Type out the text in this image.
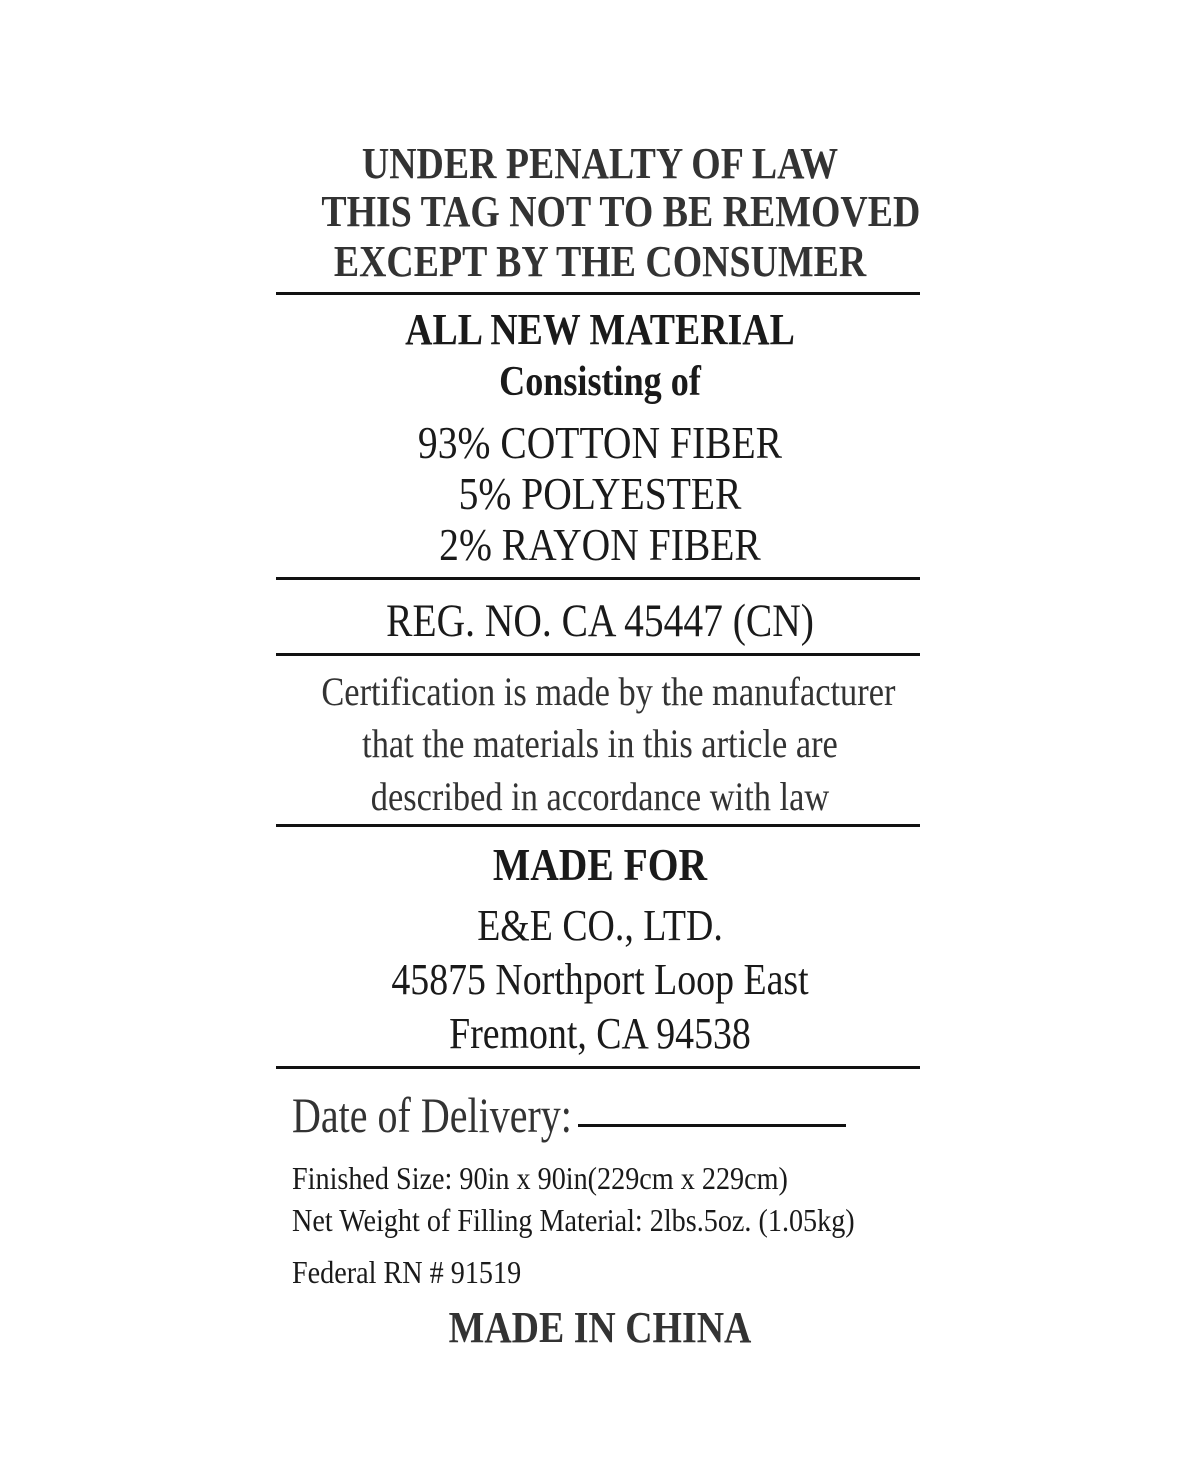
UNDER PENALTY OF LAW
THIS TAG NOT TO BE REMOVED
EXCEPT BY THE CONSUMER
ALL NEW MATERIAL
Consisting of
93% COTTON FIBER
5% POLYESTER
2% RAYON FIBER
REG. NO. CA 45447 (CN)
Certification is made by the manufacturer
that the materials in this article are
described in accordance with law
MADE FOR
E&E CO., LTD.
45875 Northport Loop East
Fremont, CA 94538
Date of Delivery:
Finished Size: 90in x 90in(229cm x 229cm)
Net Weight of Filling Material: 2lbs.5oz. (1.05kg)
Federal RN # 91519
MADE IN CHINA
